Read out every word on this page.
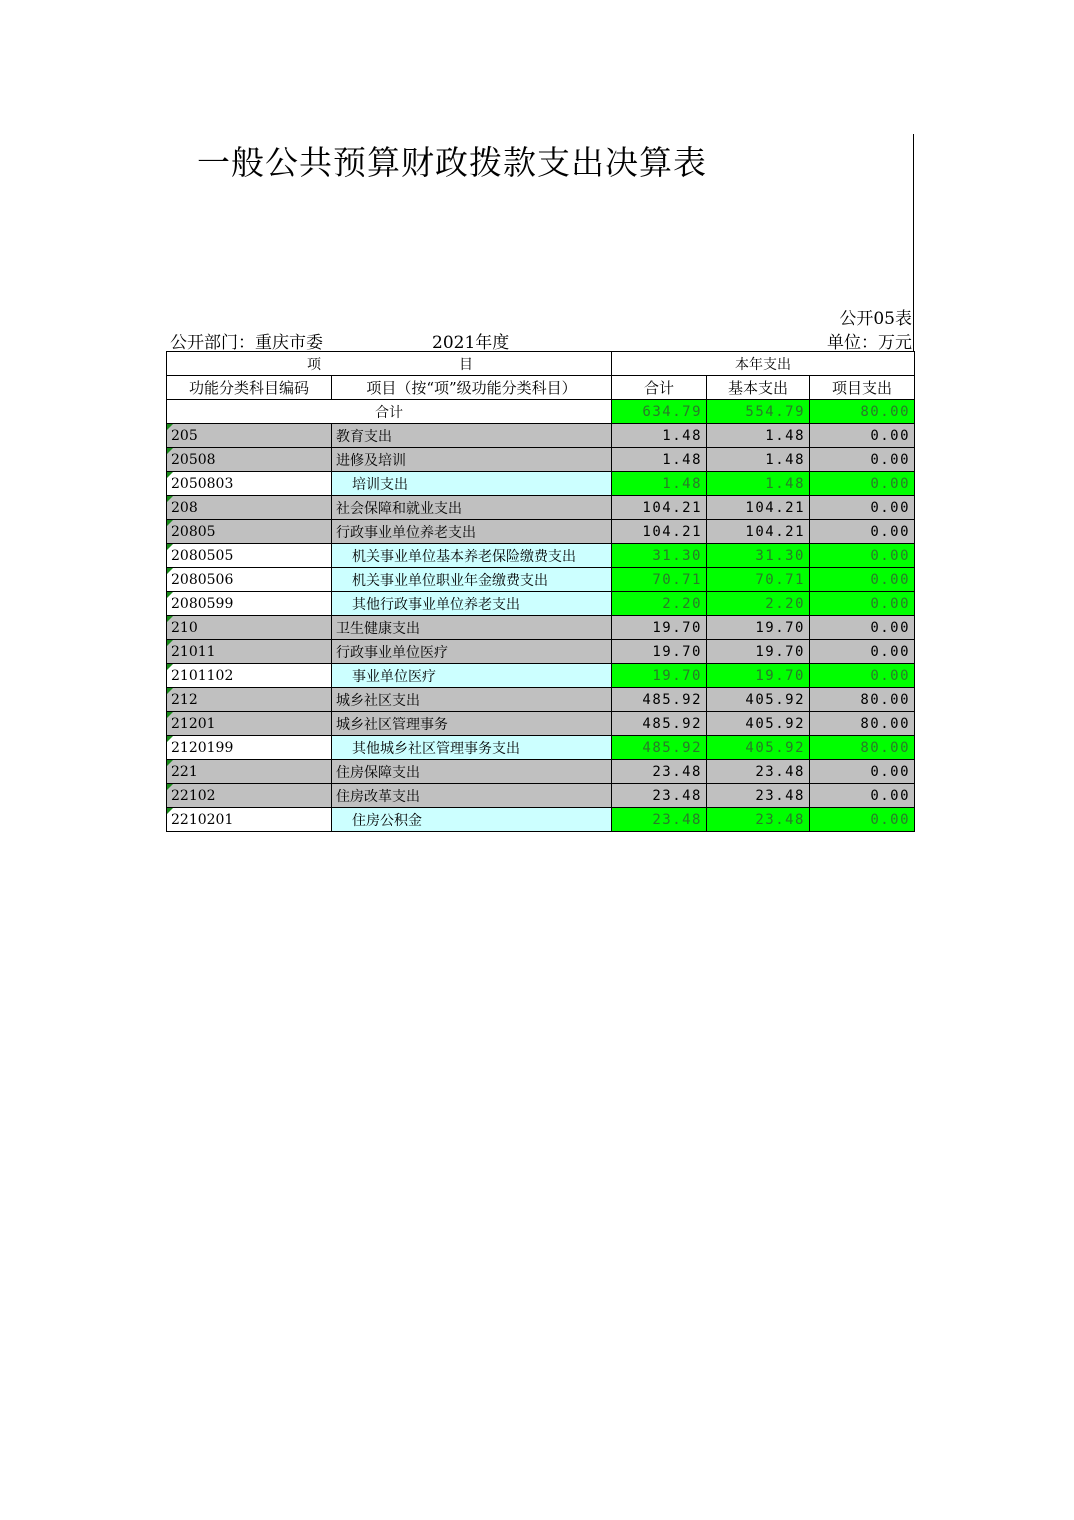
一般公共预算财政拨款支出决算表
公开05表
公开部门：重庆市委	2021年度	单位：万元
项 目		本年支出		
功能分类科目编码	项目（按“项”级功能分类科目）	合计	基本支出	项目支出
合计		634.79	554.79	80.00
205	教育支出	1.48	1.48	0.00
20508	进修及培训	1.48	1.48	0.00
2050803	培训支出	1.48	1.48	0.00
208	社会保障和就业支出	104.21	104.21	0.00
20805	行政事业单位养老支出	104.21	104.21	0.00
2080505	机关事业单位基本养老保险缴费支出	31.30	31.30	0.00
2080506	机关事业单位职业年金缴费支出	70.71	70.71	0.00
2080599	其他行政事业单位养老支出	2.20	2.20	0.00
210	卫生健康支出	19.70	19.70	0.00
21011	行政事业单位医疗	19.70	19.70	0.00
2101102	事业单位医疗	19.70	19.70	0.00
212	城乡社区支出	485.92	405.92	80.00
21201	城乡社区管理事务	485.92	405.92	80.00
2120199	其他城乡社区管理事务支出	485.92	405.92	80.00
221	住房保障支出	23.48	23.48	0.00
22102	住房改革支出	23.48	23.48	0.00
2210201	住房公积金	23.48	23.48	0.00
